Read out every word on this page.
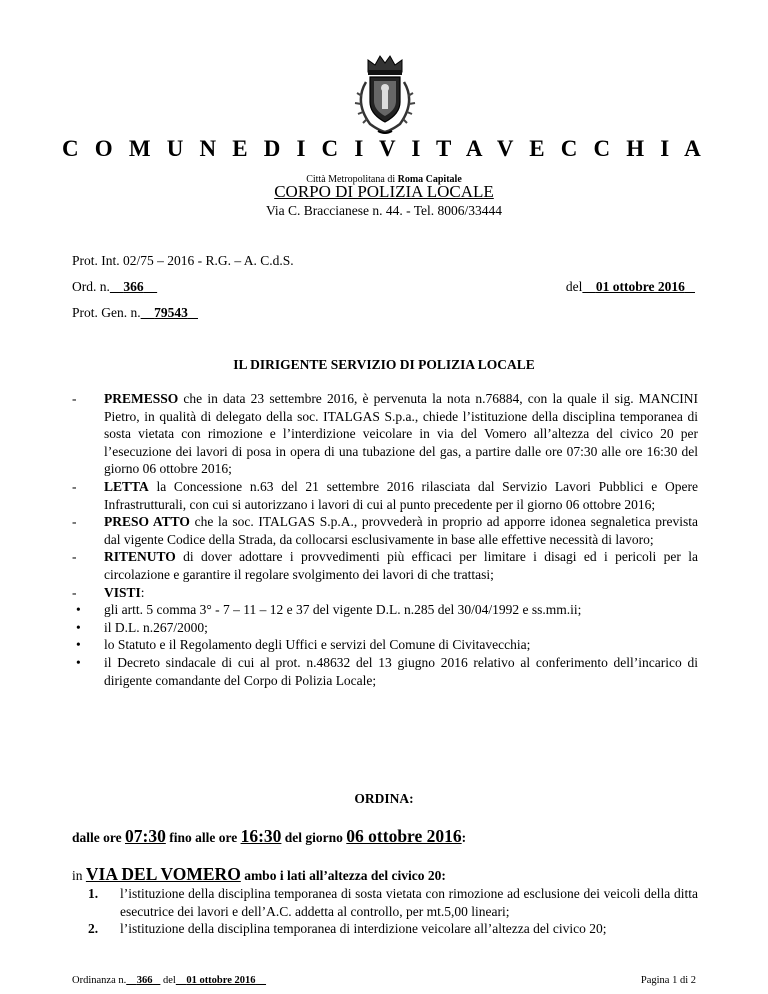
C O M U N E D I C I V I T A V E C C H I A
Città Metropolitana di Roma Capitale
CORPO DI POLIZIA LOCALE
Via C. Braccianese n. 44. - Tel. 8006/33444
Prot. Int. 02/75 – 2016 - R.G. – A. C.d.S.
Ord. n. 366	del 01 ottobre 2016
Prot. Gen. n. 79543
IL DIRIGENTE SERVIZIO DI POLIZIA LOCALE

- PREMESSO che in data 23 settembre 2016, è pervenuta la nota n.76884, con la quale il sig. MANCINI Pietro, in qualità di delegato della soc. ITALGAS S.p.a., chiede l’istituzione della disciplina temporanea di sosta vietata con rimozione e l’interdizione veicolare in via del Vomero all’altezza del civico 20 per l’esecuzione dei lavori di posa in opera di una tubazione del gas, a partire dalle ore 07:30 alle ore 16:30 del giorno 06 ottobre 2016;

- LETTA la Concessione n.63 del 21 settembre 2016 rilasciata dal Servizio Lavori Pubblici e Opere Infrastrutturali, con cui si autorizzano i lavori di cui al punto precedente per il giorno 06 ottobre 2016;

- PRESO ATTO che la soc. ITALGAS S.p.A., provvederà in proprio ad apporre idonea segnaletica prevista dal vigente Codice della Strada, da collocarsi esclusivamente in base alle effettive necessità di lavoro;

- RITENUTO di dover adottare i provvedimenti più efficaci per limitare i disagi ed i pericoli per la circolazione e garantire il regolare svolgimento dei lavori di che trattasi;

- VISTI:

• gli artt. 5 comma 3° - 7 – 11 – 12 e 37 del vigente D.L. n.285 del 30/04/1992 e ss.mm.ii;

• il D.L. n.267/2000;

• lo Statuto e il Regolamento degli Uffici e servizi del Comune di Civitavecchia;

• il Decreto sindacale di cui al prot. n.48632 del 13 giugno 2016 relativo al conferimento dell’incarico di dirigente comandante del Corpo di Polizia Locale;

ORDINA:
dalle ore 07:30 fino alle ore 16:30 del giorno 06 ottobre 2016:
in VIA DEL VOMERO ambo i lati all’altezza del civico 20:

1. l’istituzione della disciplina temporanea di sosta vietata con rimozione ad esclusione dei veicoli della ditta esecutrice dei lavori e dell’A.C. addetta al controllo, per mt.5,00 lineari;

2. l’istituzione della disciplina temporanea di interdizione veicolare all’altezza del civico 20;

Ordinanza n. 366 del 01 ottobre 2016	Pagina 1 di 2
